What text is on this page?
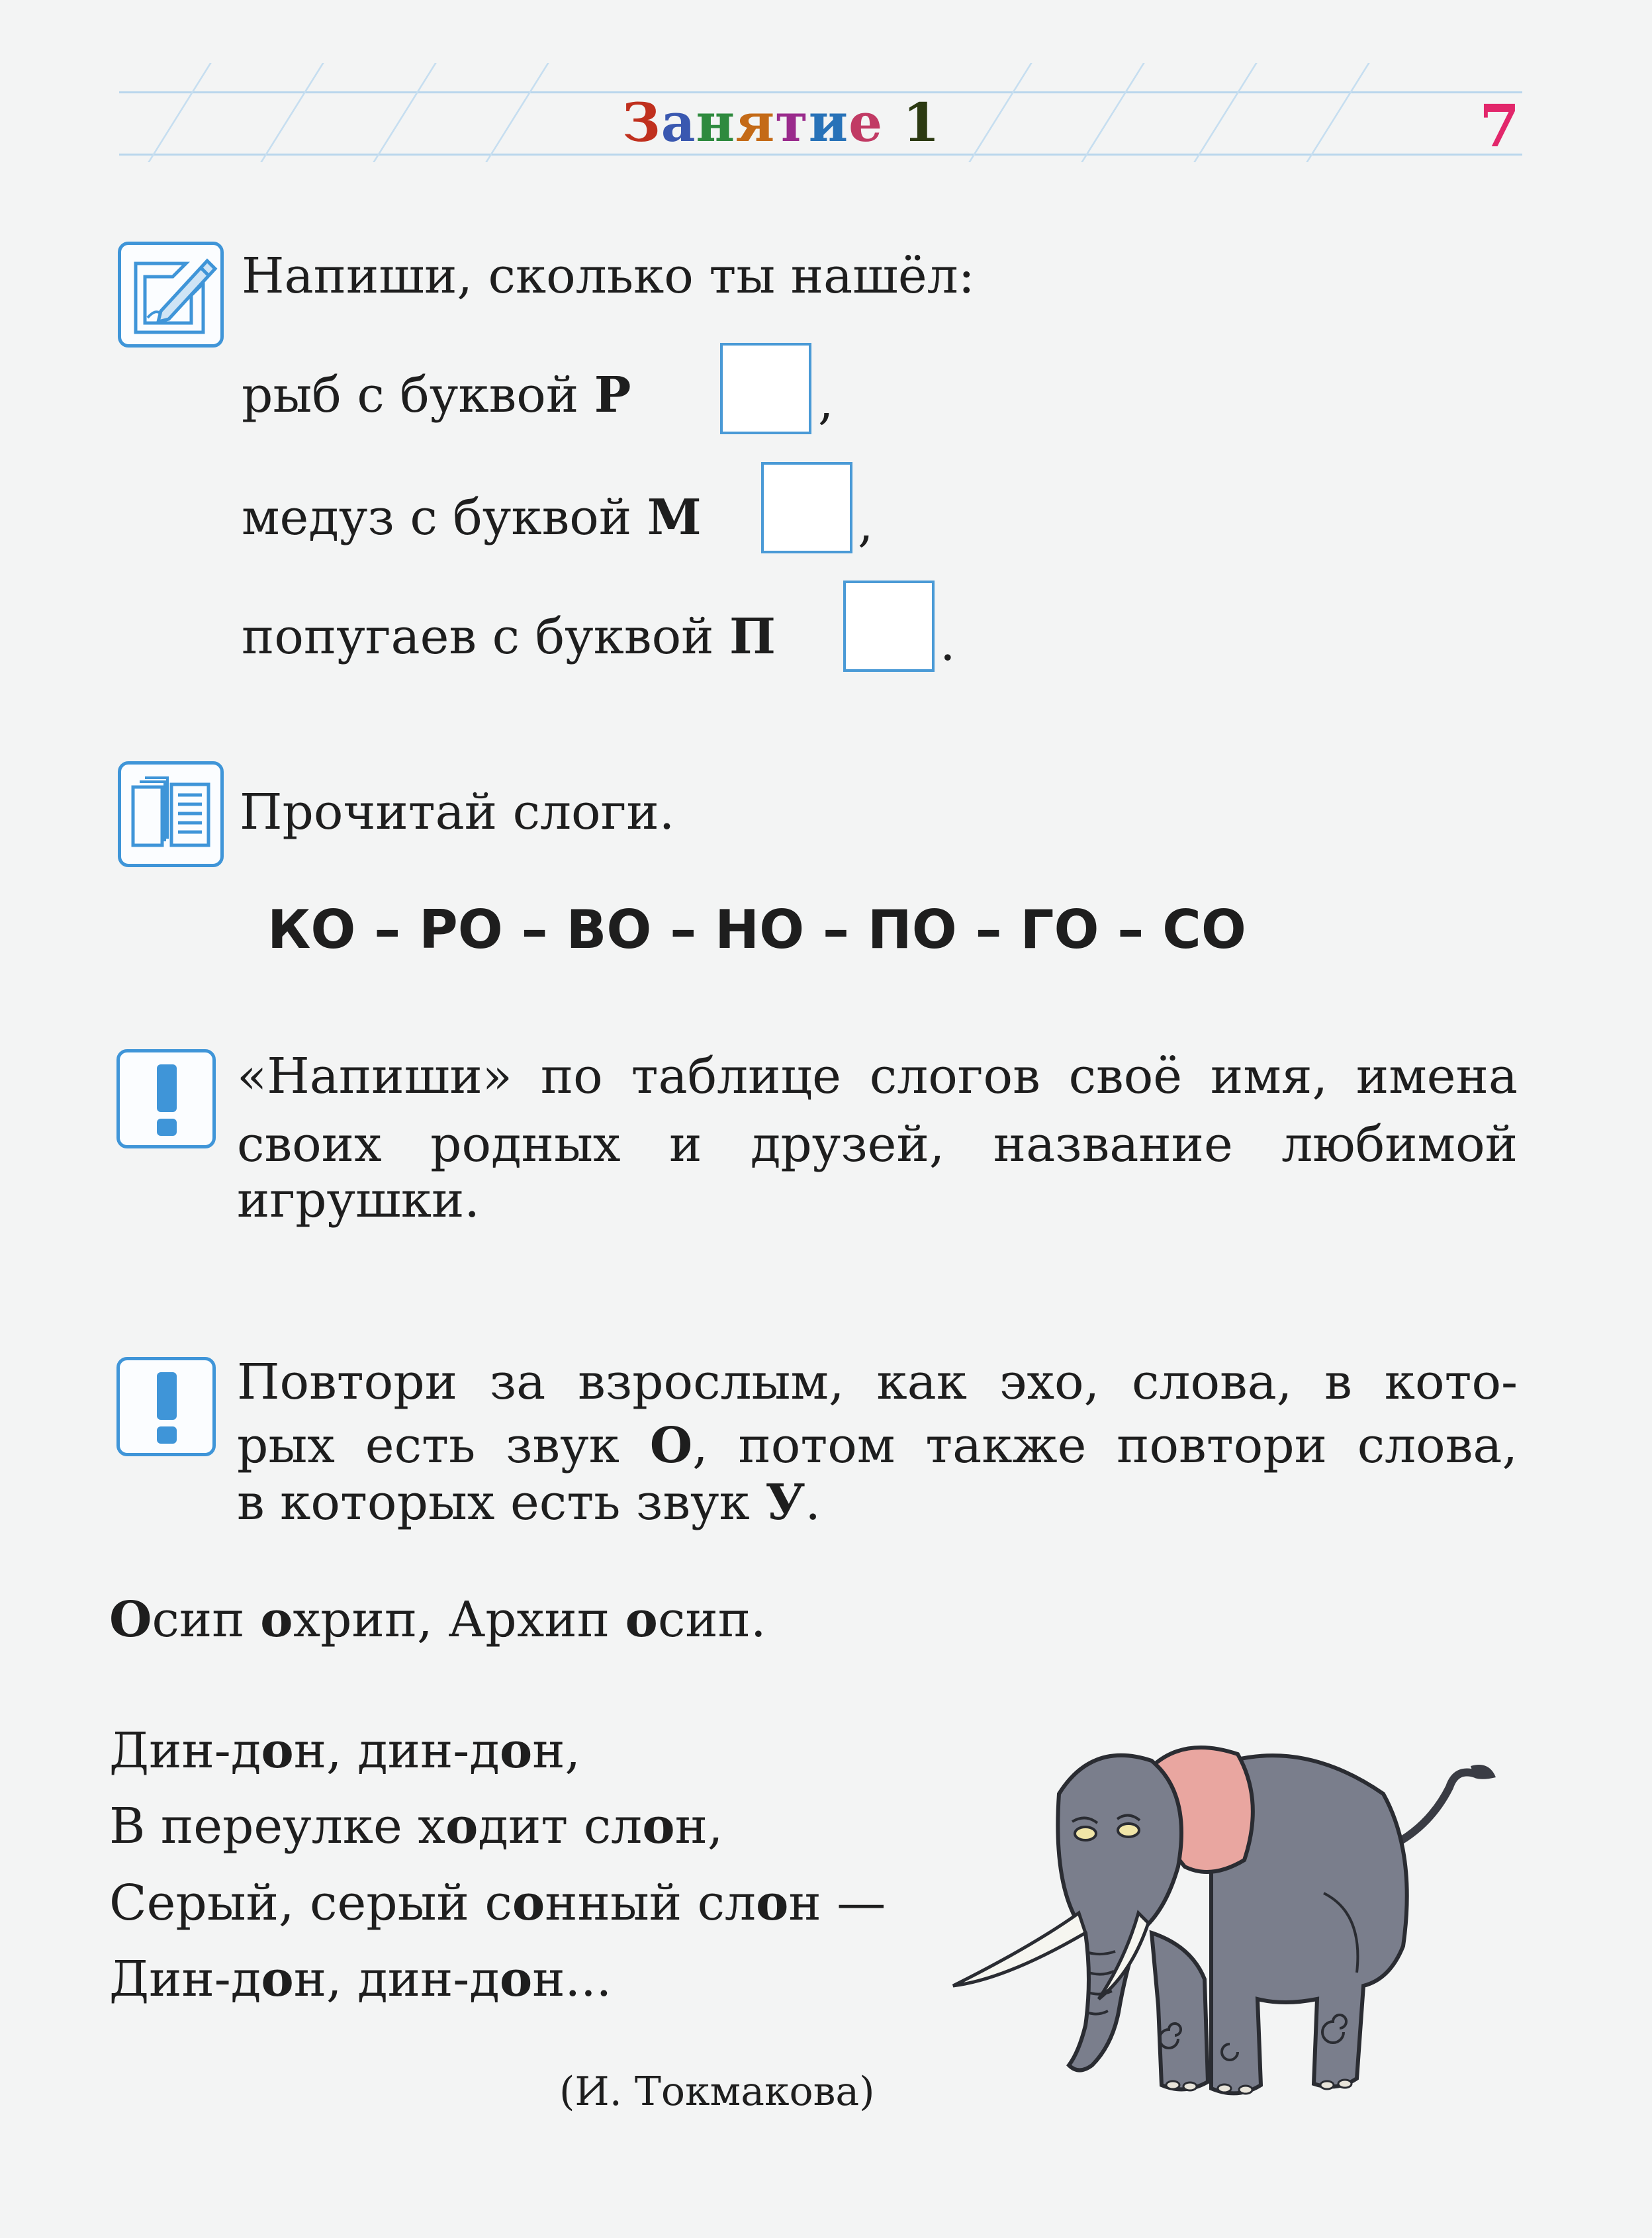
Занятие 1	7
Напиши, сколько ты нашёл:
рыб с буквой Р	,
медуз с буквой М	,
попугаев с буквой П	.
Прочитай слоги.
КО – РО – ВО – НО – ПО – ГО – СО
«Напиши» по таблице слогов своё имя, имена
своих родных и друзей, название любимой
игрушки.
Повтори за взрослым, как эхо, слова, в кото-
рых есть звук О, потом также повтори слова,
в которых есть звук У.
Осип охрип, Архип осип.
Дин-дон, дин-дон,
В переулке ходит слон,
Серый, серый сонный слон —
Дин-дон, дин-дон...
(И. Токмакова)
